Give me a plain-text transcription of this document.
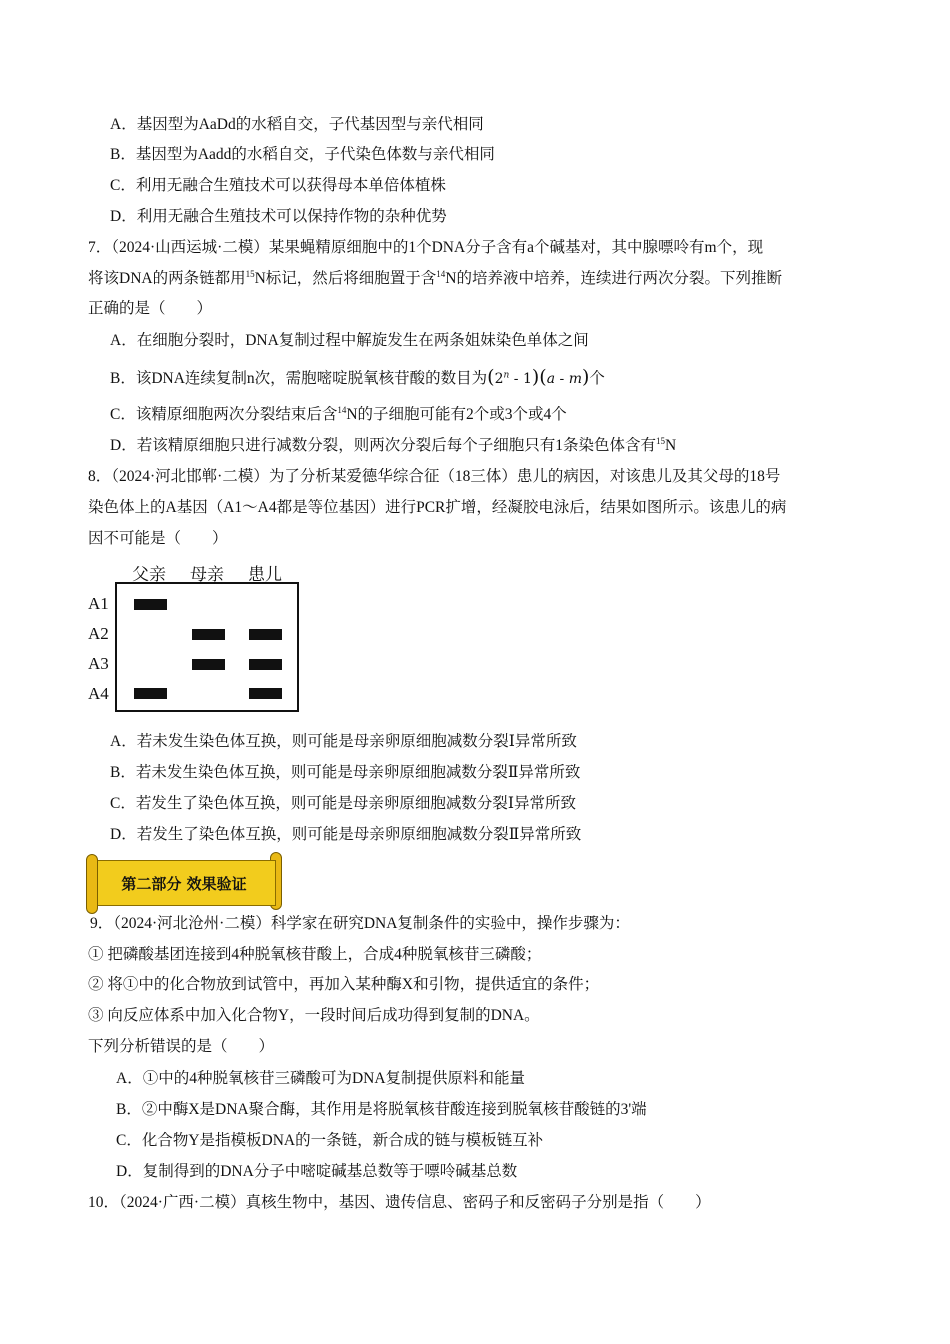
A．基因型为AaDd的水稻自交，子代基因型与亲代相同
B．基因型为Aadd的水稻自交，子代染色体数与亲代相同
C．利用无融合生殖技术可以获得母本单倍体植株
D．利用无融合生殖技术可以保持作物的杂种优势
7．（2024·山西运城·二模）某果蝇精原细胞中的1个DNA分子含有a个碱基对，其中腺嘌呤有m个，现
将该DNA的两条链都用$^{15}$N标记，然后将细胞置于含$^{14}$N的培养液中培养，连续进行两次分裂。下列推断
正确的是（　　）
A．在细胞分裂时，DNA复制过程中解旋发生在两条姐妹染色单体之间
B．该DNA连续复制n次，需胞嘧啶脱氧核苷酸的数目为(2$^n$ - 1)(a - m)个
C．该精原细胞两次分裂结束后含$^{14}$N的子细胞可能有2个或3个或4个
D．若该精原细胞只进行减数分裂，则两次分裂后每个子细胞只有1条染色体含有$^{15}$N
8．（2024·河北邯郸·二模）为了分析某爱德华综合征（18三体）患儿的病因，对该患儿及其父母的18号
染色体上的A基因（A1～A4都是等位基因）进行PCR扩增，经凝胶电泳后，结果如图所示。该患儿的病
因不可能是（　　）
父亲 母亲 患儿
A1
A2
A3
A4
A．若未发生染色体互换，则可能是母亲卵原细胞减数分裂Ⅰ异常所致
B．若未发生染色体互换，则可能是母亲卵原细胞减数分裂Ⅱ异常所致
C．若发生了染色体互换，则可能是母亲卵原细胞减数分裂Ⅰ异常所致
D．若发生了染色体互换，则可能是母亲卵原细胞减数分裂Ⅱ异常所致
第二部分 效果验证
9．（2024·河北沧州·二模）科学家在研究DNA复制条件的实验中，操作步骤为：
① 把磷酸基团连接到4种脱氧核苷酸上，合成4种脱氧核苷三磷酸；
② 将①中的化合物放到试管中，再加入某种酶X和引物，提供适宜的条件；
③ 向反应体系中加入化合物Y，一段时间后成功得到复制的DNA。
下列分析错误的是（　　）
A．①中的4种脱氧核苷三磷酸可为DNA复制提供原料和能量
B．②中酶X是DNA聚合酶，其作用是将脱氧核苷酸连接到脱氧核苷酸链的3'端
C．化合物Y是指模板DNA的一条链，新合成的链与模板链互补
D．复制得到的DNA分子中嘧啶碱基总数等于嘌呤碱基总数
10．（2024·广西·二模）真核生物中，基因、遗传信息、密码子和反密码子分别是指（　　）
